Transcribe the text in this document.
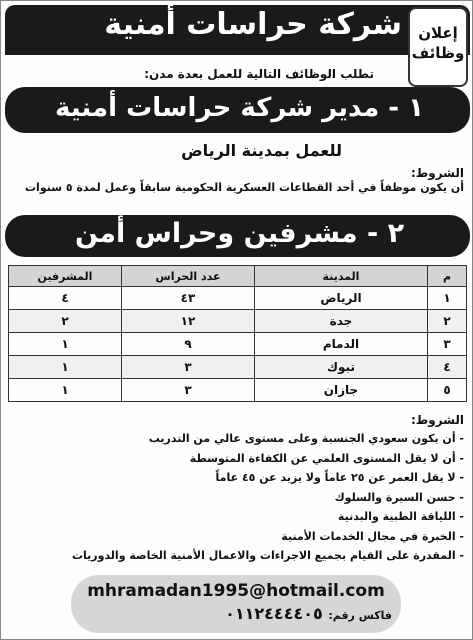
شركة حراسات أمنية	إعلان
وظائف
تطلب الوظائف التالية للعمل بعدة مدن:
١ - مدير شركة حراسات أمنية
للعمل بمدينة الرياض
الشروط:
أن يكون موظفاً في أحد القطاعات العسكرية الحكومية سابقاً وعمل لمدة ٥ سنوات
٢ - مشرفين وحراس أمن
م	المدينة	عدد الحراس	المشرفين
١	الرياض	٤٣	٤
٢	جدة	١٢	٢
٣	الدمام	٩	١
٤	تبوك	٣	١
٥	جازان	٣	١
الشروط:
- أن يكون سعودي الجنسية وعلى مستوى عالي من التدريب
- أن لا يقل المستوى العلمي عن الكفاءة المتوسطة
- لا يقل العمر عن ٢٥ عاماً ولا يزيد عن ٤٥ عاماً
- حسن السيرة والسلوك
- اللياقة الطبية والبدنية
- الخبرة في مجال الخدمات الأمنية
- المقدرة على القيام بجميع الاجراءات والاعمال الأمنية الخاصة والدوريات
mhramadan1995@hotmail.com
فاكس رقم: ٠١١٢٤٤٤٤٠٥
